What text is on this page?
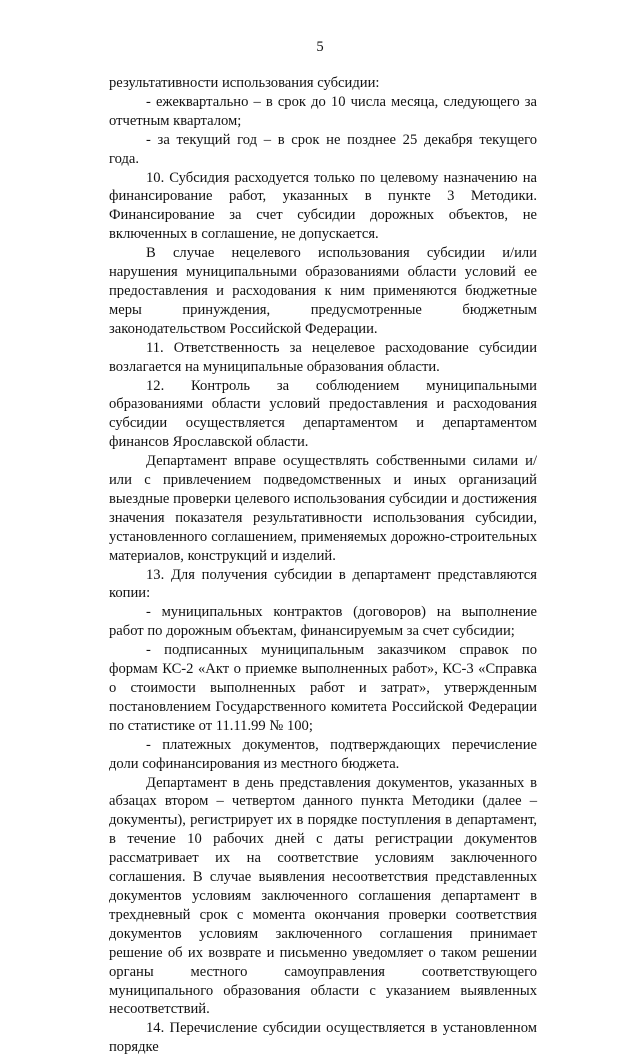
5

результативности использования субсидии:

- ежеквартально – в срок до 10 числа месяца, следующего за отчетным кварталом;

- за текущий год – в срок не позднее 25 декабря текущего года.

10. Субсидия расходуется только по целевому назначению на финансирование работ, указанных в пункте 3 Методики. Финансирование за счет субсидии дорожных объектов, не включенных в соглашение, не допускается.

В случае нецелевого использования субсидии и/или нарушения муниципальными образованиями области условий ее предоставления и расходования к ним применяются бюджетные меры принуждения, предусмотренные бюджетным законодательством Российской Федерации.

11. Ответственность за нецелевое расходование субсидии возлагается на муниципальные образования области.

12. Контроль за соблюдением муниципальными образованиями области условий предоставления и расходования субсидии осуществляется департаментом и департаментом финансов Ярославской области.

Департамент вправе осуществлять собственными силами и/или с привлечением подведомственных и иных организаций выездные проверки целевого использования субсидии и достижения значения показателя результативности использования субсидии, установленного соглашением, применяемых дорожно-строительных материалов, конструкций и изделий.

13. Для получения субсидии в департамент представляются копии:

- муниципальных контрактов (договоров) на выполнение работ по дорожным объектам, финансируемым за счет субсидии;

- подписанных муниципальным заказчиком справок по формам КС-2 «Акт о приемке выполненных работ», КС-3 «Справка о стоимости выполненных работ и затрат», утвержденным постановлением Государственного комитета Российской Федерации по статистике от 11.11.99 № 100;

- платежных документов, подтверждающих перечисление доли софинансирования из местного бюджета.

Департамент в день представления документов, указанных в абзацах втором – четвертом данного пункта Методики (далее – документы), регистрирует их в порядке поступления в департамент, в течение 10 рабочих дней с даты регистрации документов рассматривает их на соответствие условиям заключенного соглашения. В случае выявления несоответствия представленных документов условиям заключенного соглашения департамент в трехдневный срок с момента окончания проверки соответствия документов условиям заключенного соглашения принимает решение об их возврате и письменно уведомляет о таком решении органы местного самоуправления соответствующего муниципального образования области с указанием выявленных несоответствий.

14. Перечисление субсидии осуществляется в установленном порядке
